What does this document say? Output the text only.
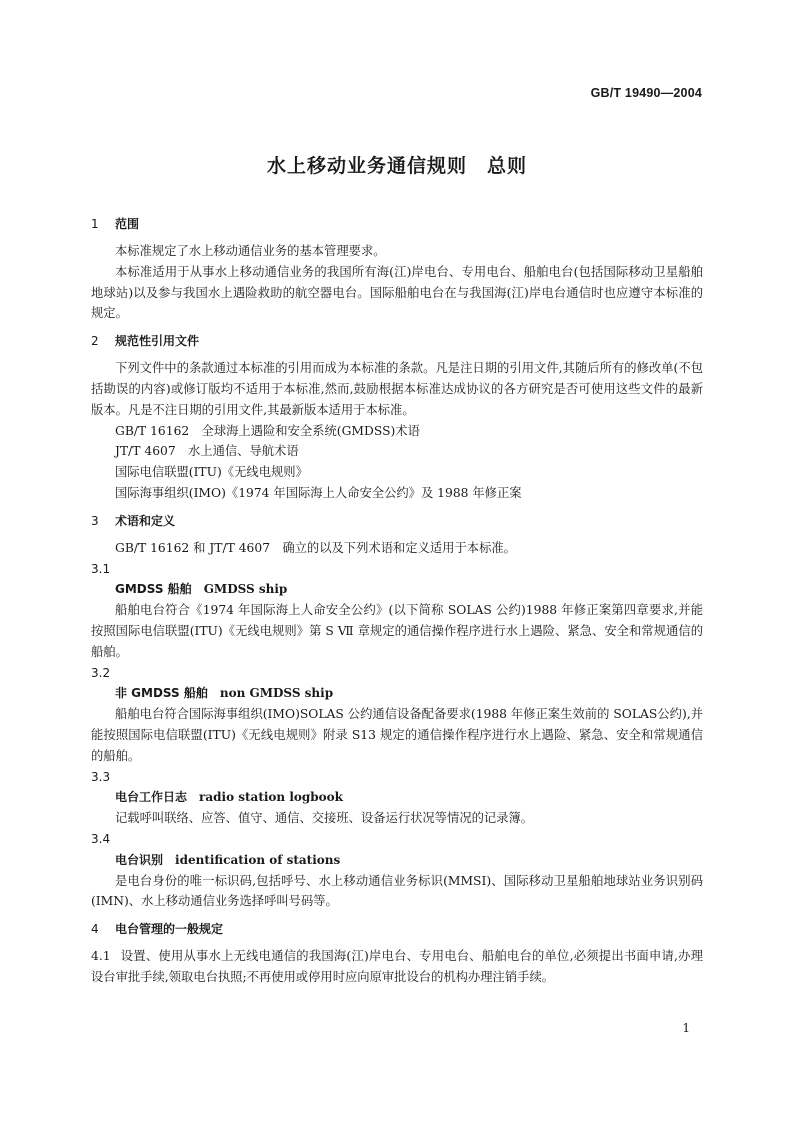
GB/T 19490—2004
水上移动业务通信规则　总则
1	范围

本标准规定了水上移动通信业务的基本管理要求。

本标准适用于从事水上移动通信业务的我国所有海(江)岸电台、专用电台、船舶电台(包括国际移动卫星船舶地球站)以及参与我国水上遇险救助的航空器电台。国际船舶电台在与我国海(江)岸电台通信时也应遵守本标准的规定。

2	规范性引用文件

下列文件中的条款通过本标准的引用而成为本标准的条款。凡是注日期的引用文件,其随后所有的修改单(不包括勘误的内容)或修订版均不适用于本标准,然而,鼓励根据本标准达成协议的各方研究是否可使用这些文件的最新版本。凡是不注日期的引用文件,其最新版本适用于本标准。

GB/T 16162　全球海上遇险和安全系统(GMDSS)术语

JT/T 4607　水上通信、导航术语

国际电信联盟(ITU)《无线电规则》

国际海事组织(IMO)《1974 年国际海上人命安全公约》及 1988 年修正案

3	术语和定义

GB/T 16162 和 JT/T 4607　确立的以及下列术语和定义适用于本标准。

3.1

GMDSS 船舶 GMDSS ship

船舶电台符合《1974 年国际海上人命安全公约》(以下简称 SOLAS 公约)1988 年修正案第四章要求,并能按照国际电信联盟(ITU)《无线电规则》第 S Ⅶ 章规定的通信操作程序进行水上遇险、紧急、安全和常规通信的船舶。

3.2

非 GMDSS 船舶 non GMDSS ship

船舶电台符合国际海事组织(IMO)SOLAS 公约通信设备配备要求(1988 年修正案生效前的 SOLAS公约),并能按照国际电信联盟(ITU)《无线电规则》附录 S13 规定的通信操作程序进行水上遇险、紧急、安全和常规通信的船舶。

3.3

电台工作日志 radio station logbook

记载呼叫联络、应答、值守、通信、交接班、设备运行状况等情况的记录簿。

3.4

电台识别 identification of stations

是电台身份的唯一标识码,包括呼号、水上移动通信业务标识(MMSI)、国际移动卫星船舶地球站业务识别码(IMN)、水上移动通信业务选择呼叫号码等。

4	电台管理的一般规定

4.1 设置、使用从事水上无线电通信的我国海(江)岸电台、专用电台、船舶电台的单位,必须提出书面申请,办理设台审批手续,领取电台执照;不再使用或停用时应向原审批设台的机构办理注销手续。

1
